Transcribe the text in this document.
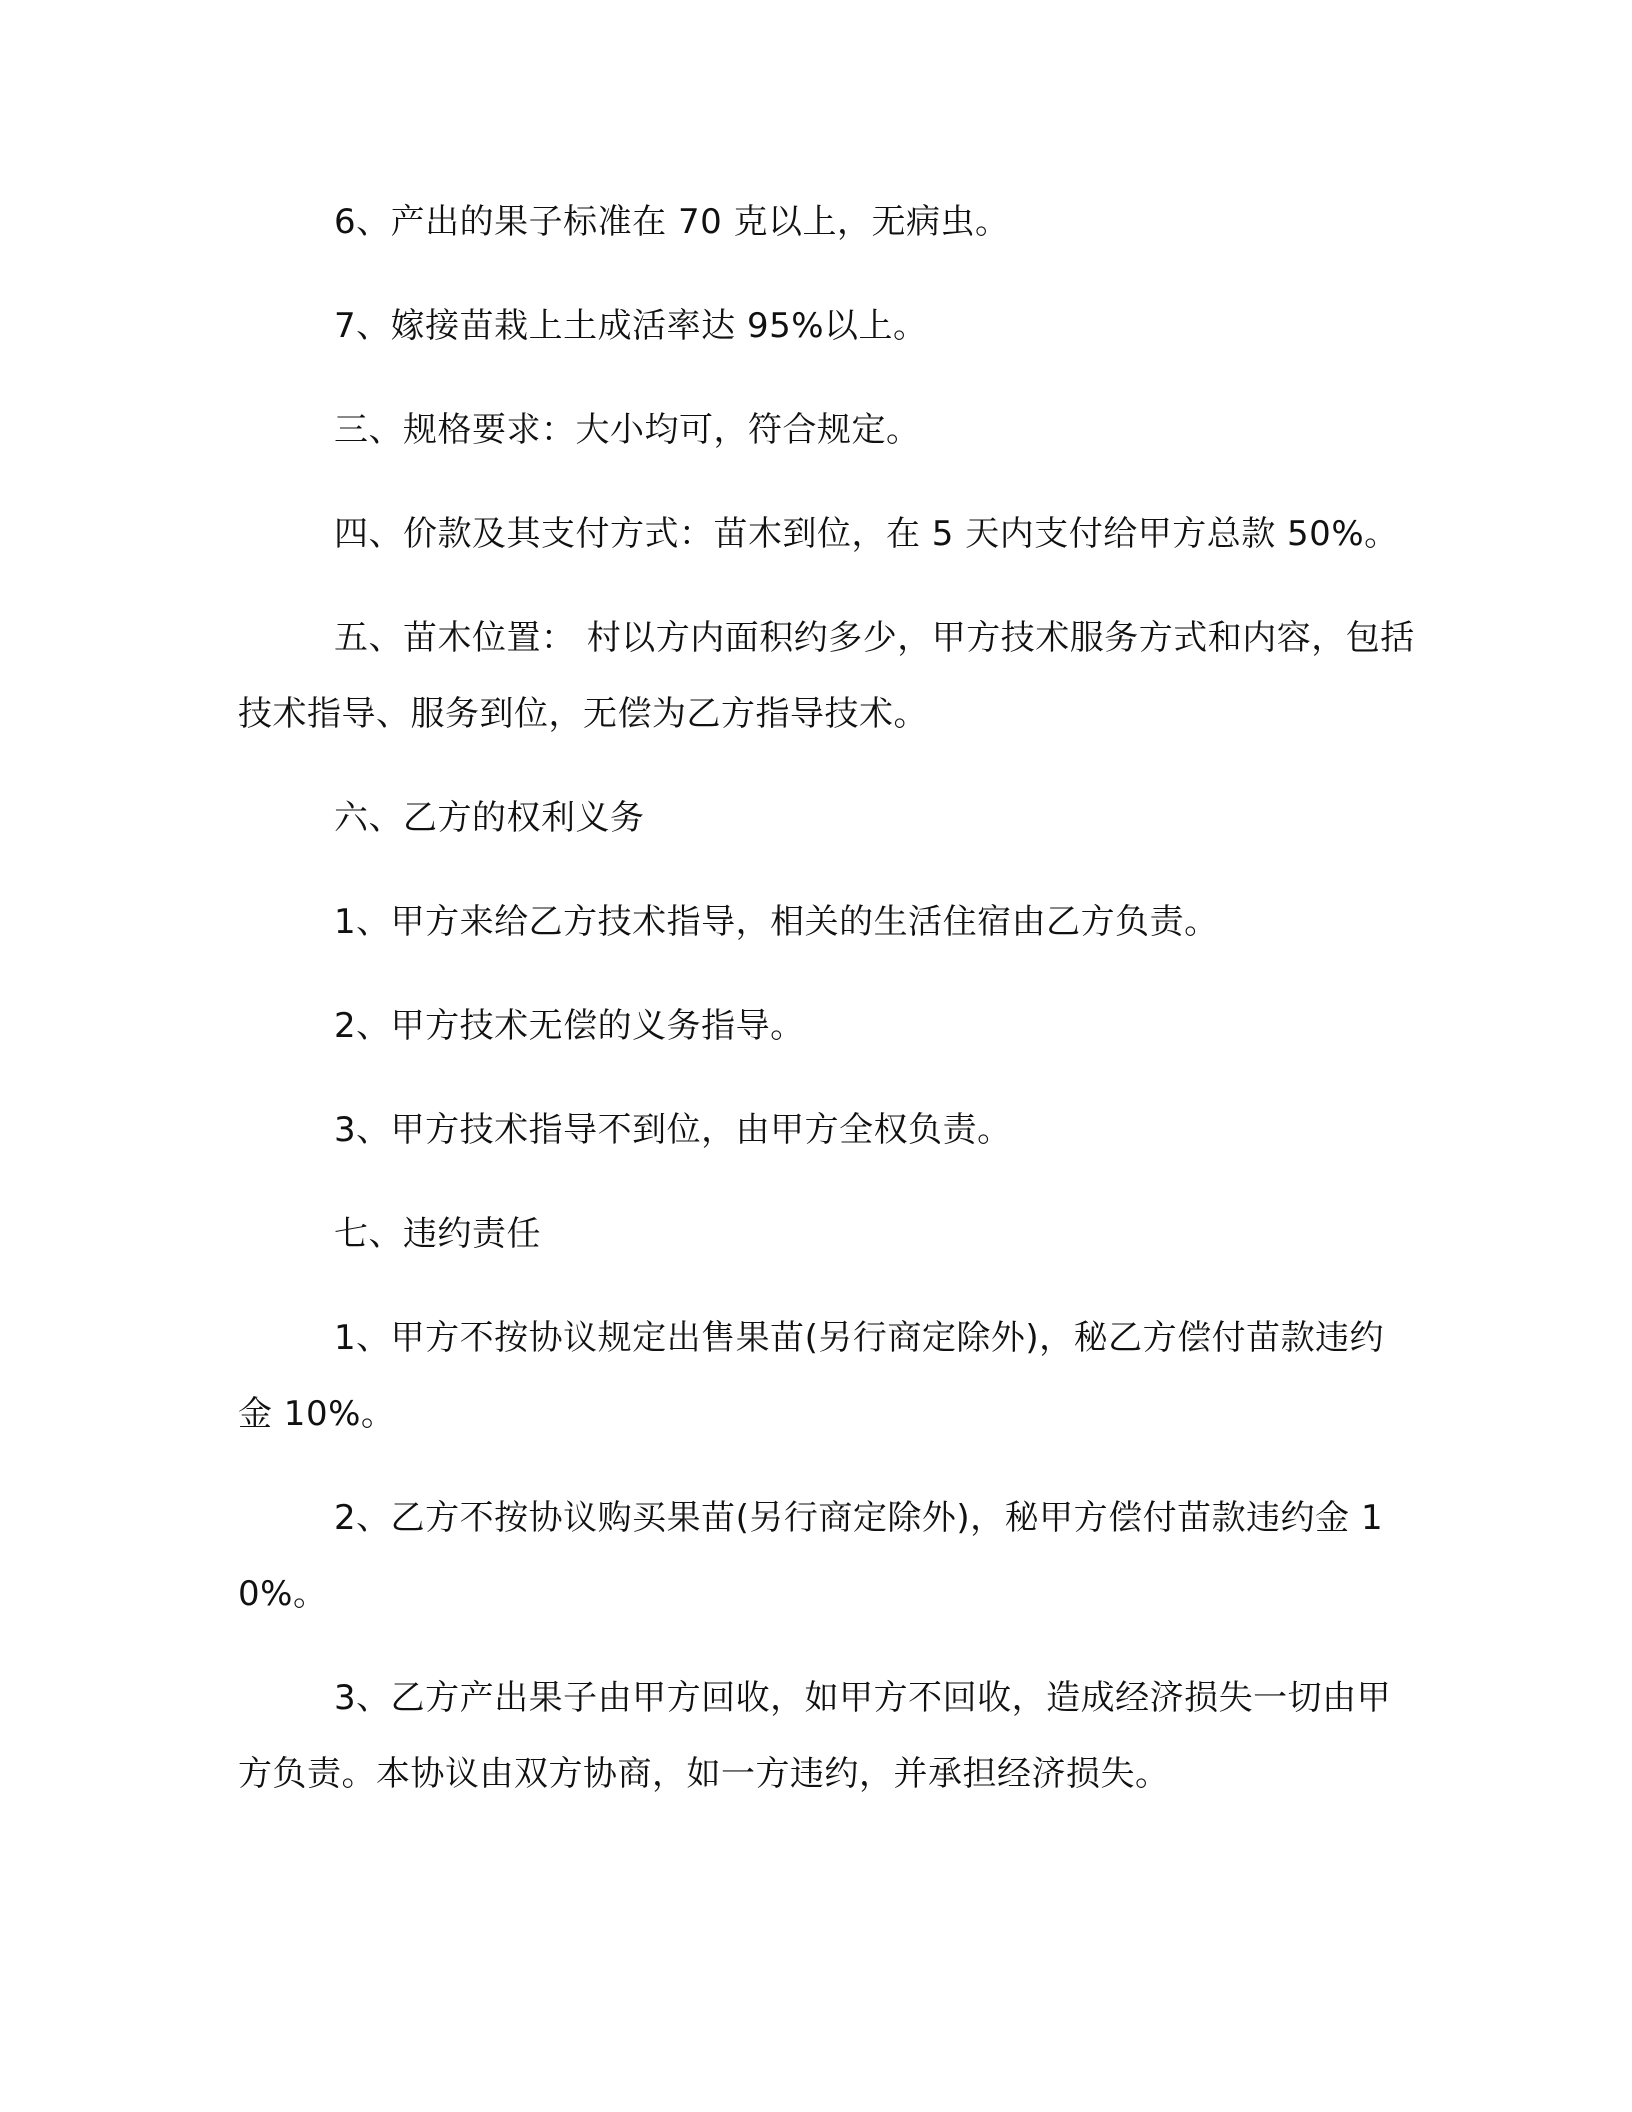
6、产出的果子标准在 70 克以上，无病虫。

7、嫁接苗栽上土成活率达 95%以上。

三、规格要求：大小均可，符合规定。

四、价款及其支付方式：苗木到位，在 5 天内支付给甲方总款 50%。

五、苗木位置： 村以方内面积约多少，甲方技术服务方式和内容，包括技术指导、服务到位，无偿为乙方指导技术。

六、乙方的权利义务

1、甲方来给乙方技术指导，相关的生活住宿由乙方负责。

2、甲方技术无偿的义务指导。

3、甲方技术指导不到位，由甲方全权负责。

七、违约责任

1、甲方不按协议规定出售果苗(另行商定除外)，秘乙方偿付苗款违约金 10%。

2、乙方不按协议购买果苗(另行商定除外)，秘甲方偿付苗款违约金 10%。

3、乙方产出果子由甲方回收，如甲方不回收，造成经济损失一切由甲方负责。本协议由双方协商，如一方违约，并承担经济损失。
